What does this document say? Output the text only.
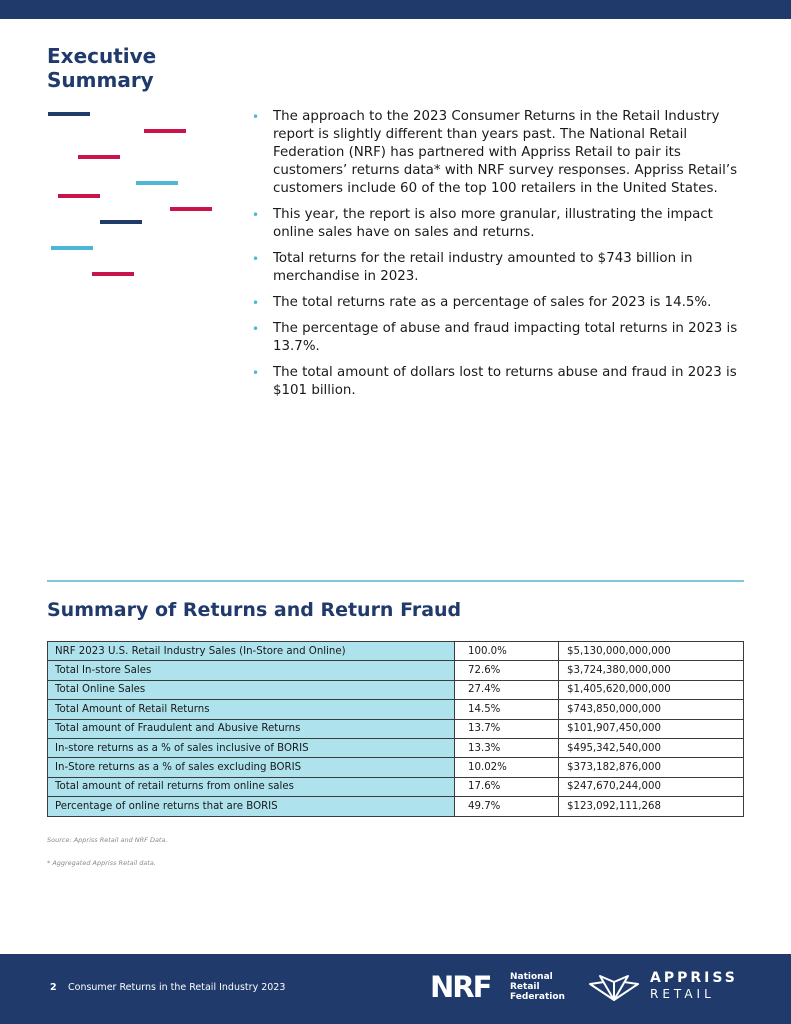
Executive
Summary
• The approach to the 2023 Consumer Returns in the Retail Industry report is slightly different than years past. The National Retail Federation (NRF) has partnered with Appriss Retail to pair its customers’ returns data* with NRF survey responses. Appriss Retail’s customers include 60 of the top 100 retailers in the United States.
• This year, the report is also more granular, illustrating the impact online sales have on sales and returns.
• Total returns for the retail industry amounted to $743 billion in merchandise in 2023.
• The total returns rate as a percentage of sales for 2023 is 14.5%.
• The percentage of abuse and fraud impacting total returns in 2023 is 13.7%.
• The total amount of dollars lost to returns abuse and fraud in 2023 is $101 billion.
Summary of Returns and Return Fraud
NRF 2023 U.S. Retail Industry Sales (In-Store and Online)	100.0%	$5,130,000,000,000
Total In-store Sales	72.6%	$3,724,380,000,000
Total Online Sales	27.4%	$1,405,620,000,000
Total Amount of Retail Returns	14.5%	$743,850,000,000
Total amount of Fraudulent and Abusive Returns	13.7%	$101,907,450,000
In-store returns as a % of sales inclusive of BORIS	13.3%	$495,342,540,000
In-Store returns as a % of sales excluding BORIS	10.02%	$373,182,876,000
Total amount of retail returns from online sales	17.6%	$247,670,244,000
Percentage of online returns that are BORIS	49.7%	$123,092,111,268

Source: Appriss Retail and NRF Data.

* Aggregated Appriss Retail data.

2 Consumer Returns in the Retail Industry 2023	NRF National
Retail
Federation
APPRISS
RETAIL
